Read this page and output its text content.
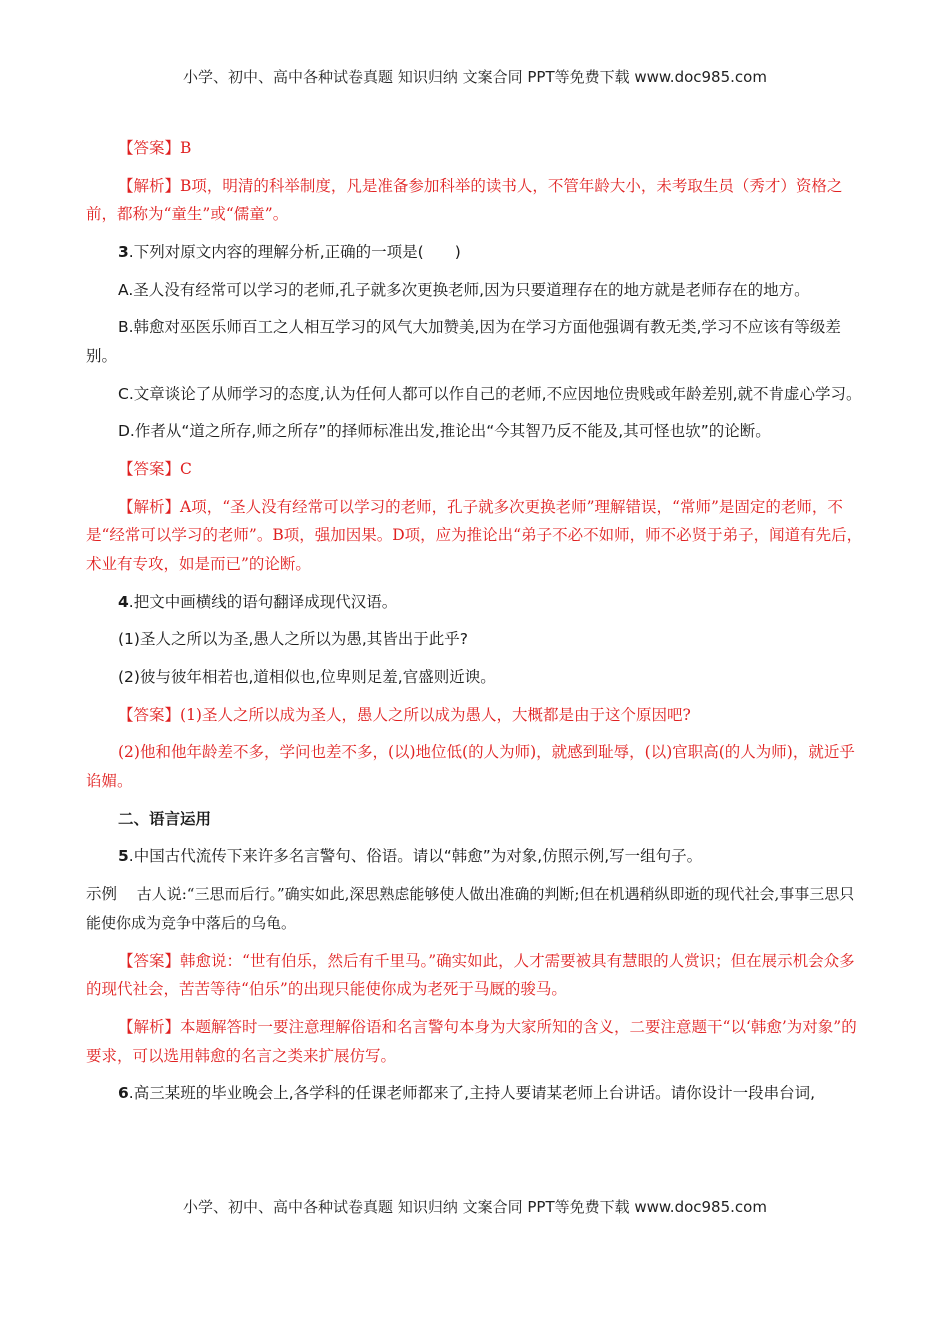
小学、初中、高中各种试卷真题 知识归纳 文案合同 PPT等免费下载 www.doc985.com

【答案】B

【解析】B项，明清的科举制度，凡是准备参加科举的读书人，不管年龄大小，未考取生员（秀才）资格之前，都称为“童生”或“儒童”。

3.下列对原文内容的理解分析,正确的一项是(　　)

A.圣人没有经常可以学习的老师,孔子就多次更换老师,因为只要道理存在的地方就是老师存在的地方。

B.韩愈对巫医乐师百工之人相互学习的风气大加赞美,因为在学习方面他强调有教无类,学习不应该有等级差别。

C.文章谈论了从师学习的态度,认为任何人都可以作自己的老师,不应因地位贵贱或年龄差别,就不肯虚心学习。

D.作者从“道之所存,师之所存”的择师标准出发,推论出“今其智乃反不能及,其可怪也欤”的论断。

【答案】C

【解析】A项，“圣人没有经常可以学习的老师，孔子就多次更换老师”理解错误，“常师”是固定的老师，不是“经常可以学习的老师”。B项，强加因果。D项，应为推论出“弟子不必不如师，师不必贤于弟子，闻道有先后，术业有专攻，如是而已”的论断。

4.把文中画横线的语句翻译成现代汉语。

(1)圣人之所以为圣,愚人之所以为愚,其皆出于此乎?

(2)彼与彼年相若也,道相似也,位卑则足羞,官盛则近谀。

【答案】(1)圣人之所以成为圣人，愚人之所以成为愚人，大概都是由于这个原因吧?

(2)他和他年龄差不多，学问也差不多，(以)地位低(的人为师)，就感到耻辱，(以)官职高(的人为师)，就近乎谄媚。

二、语言运用

5.中国古代流传下来许多名言警句、俗语。请以“韩愈”为对象,仿照示例,写一组句子。

示例 古人说:“三思而后行。”确实如此,深思熟虑能够使人做出准确的判断;但在机遇稍纵即逝的现代社会,事事三思只能使你成为竞争中落后的乌龟。

【答案】韩愈说：“世有伯乐，然后有千里马。”确实如此，人才需要被具有慧眼的人赏识；但在展示机会众多的现代社会，苦苦等待“伯乐”的出现只能使你成为老死于马厩的骏马。

【解析】本题解答时一要注意理解俗语和名言警句本身为大家所知的含义，二要注意题干“以‘韩愈’为对象”的要求，可以选用韩愈的名言之类来扩展仿写。

6.高三某班的毕业晚会上,各学科的任课老师都来了,主持人要请某老师上台讲话。请你设计一段串台词,

小学、初中、高中各种试卷真题 知识归纳 文案合同 PPT等免费下载 www.doc985.com
